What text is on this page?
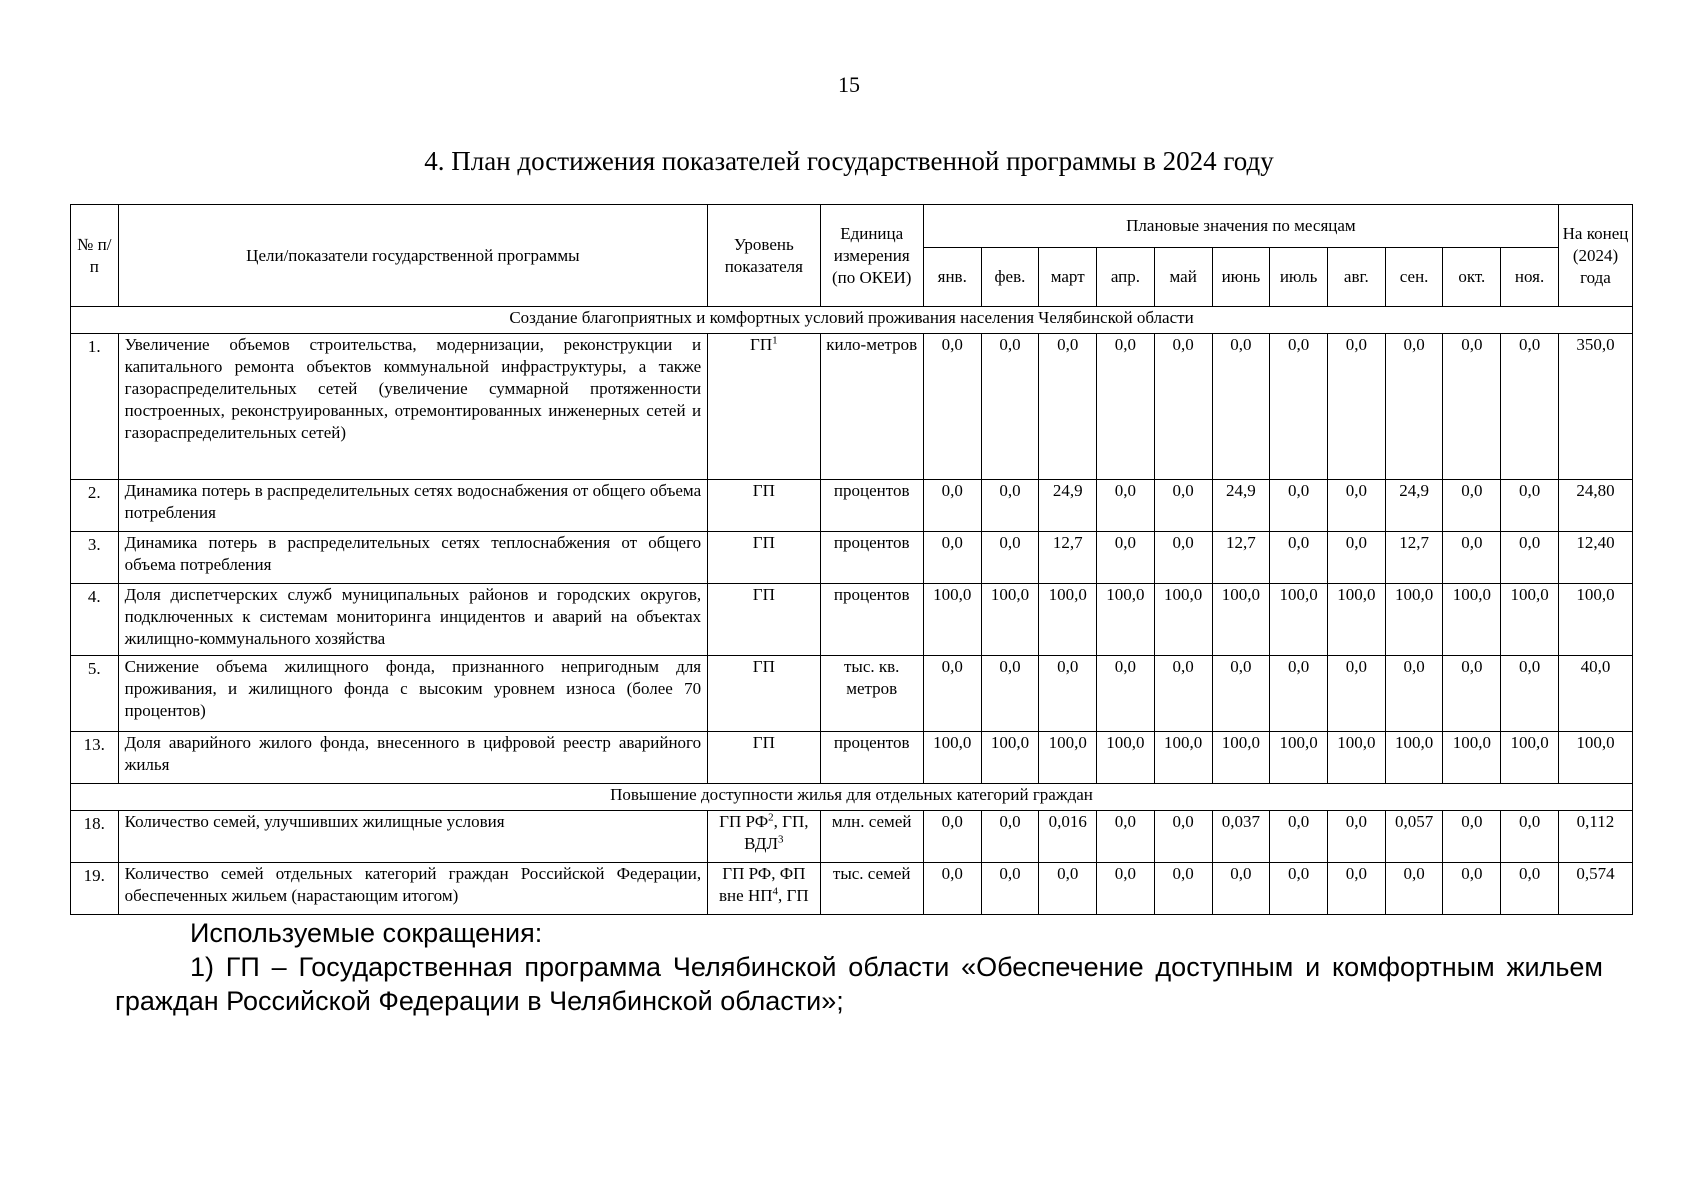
15
4. План достижения показателей государственной программы в 2024 году
№ п/п	Цели/показатели государственной программы	Уровень показателя	Единица измерения (по ОКЕИ)	Плановые значения по месяцам											На конец (2024) года
				янв.	фев.	март	апр.	май	июнь	июль	авг.	сен.	окт.	ноя.	
Создание благоприятных и комфортных условий проживания населения Челябинской области															
1.	Увеличение объемов строительства, модернизации, реконструкции и капитального ремонта объектов коммунальной инфраструктуры, а также газораспределительных сетей (увеличение суммарной протяженности построенных, реконструированных, отремонтированных инженерных сетей и газораспределительных сетей)	$ГП^1$	кило-метров	0,0	0,0	0,0	0,0	0,0	0,0	0,0	0,0	0,0	0,0	0,0	350,0
2.	Динамика потерь в распределительных сетях водоснабжения от общего объема потребления	ГП	процентов	0,0	0,0	24,9	0,0	0,0	24,9	0,0	0,0	24,9	0,0	0,0	24,80
3.	Динамика потерь в распределительных сетях теплоснабжения от общего объема потребления	ГП	процентов	0,0	0,0	12,7	0,0	0,0	12,7	0,0	0,0	12,7	0,0	0,0	12,40
4.	Доля диспетчерских служб муниципальных районов и городских округов, подключенных к системам мониторинга инцидентов и аварий на объектах жилищно-коммунального хозяйства	ГП	процентов	100,0	100,0	100,0	100,0	100,0	100,0	100,0	100,0	100,0	100,0	100,0	100,0
5.	Снижение объема жилищного фонда, признанного непригодным для проживания, и жилищного фонда с высоким уровнем износа (более 70 процентов)	ГП	тыс. кв. метров	0,0	0,0	0,0	0,0	0,0	0,0	0,0	0,0	0,0	0,0	0,0	40,0
13.	Доля аварийного жилого фонда, внесенного в цифровой реестр аварийного жилья	ГП	процентов	100,0	100,0	100,0	100,0	100,0	100,0	100,0	100,0	100,0	100,0	100,0	100,0
Повышение доступности жилья для отдельных категорий граждан															
18.	Количество семей, улучшивших жилищные условия	ГП $РФ^2$, ГП, ВДЛ$^3$	млн. семей	0,0	0,0	0,016	0,0	0,0	0,037	0,0	0,0	0,057	0,0	0,0	0,112
19.	Количество семей отдельных категорий граждан Российской Федерации, обеспеченных жильем (нарастающим итогом)	ГП РФ, ФП вне $НП^4$, ГП	тыс. семей	0,0	0,0	0,0	0,0	0,0	0,0	0,0	0,0	0,0	0,0	0,0	0,574
Используемые сокращения:
1) ГП – Государственная программа Челябинской области «Обеспечение доступным и комфортным жильем граждан Российской Федерации в Челябинской области»;
